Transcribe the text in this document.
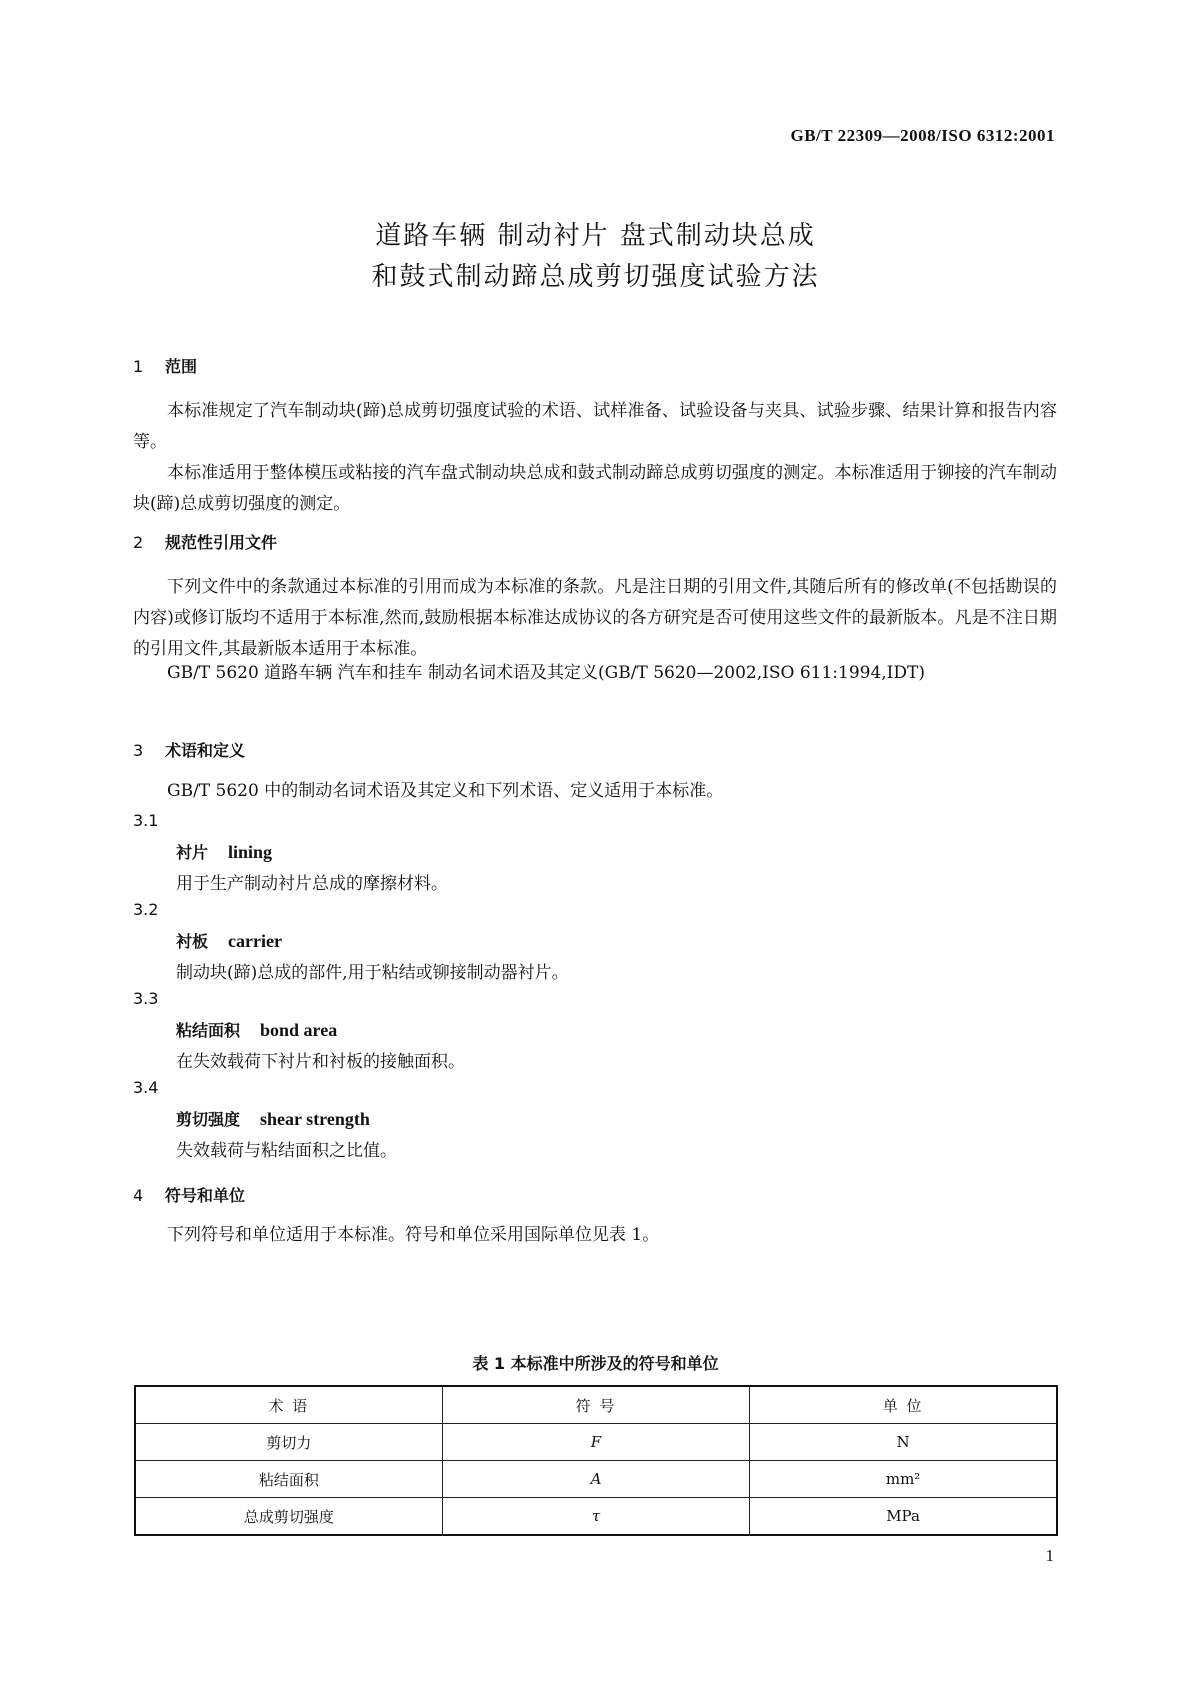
GB/T 22309—2008/ISO 6312:2001
道路车辆 制动衬片 盘式制动块总成
和鼓式制动蹄总成剪切强度试验方法
1 范围
本标准规定了汽车制动块(蹄)总成剪切强度试验的术语、试样准备、试验设备与夹具、试验步骤、结果计算和报告内容等。
本标准适用于整体模压或粘接的汽车盘式制动块总成和鼓式制动蹄总成剪切强度的测定。本标准适用于铆接的汽车制动块(蹄)总成剪切强度的测定。
2 规范性引用文件
下列文件中的条款通过本标准的引用而成为本标准的条款。凡是注日期的引用文件,其随后所有的修改单(不包括勘误的内容)或修订版均不适用于本标准,然而,鼓励根据本标准达成协议的各方研究是否可使用这些文件的最新版本。凡是不注日期的引用文件,其最新版本适用于本标准。
GB/T 5620 道路车辆 汽车和挂车 制动名词术语及其定义(GB/T 5620—2002,ISO 611:1994,IDT)
3 术语和定义
GB/T 5620 中的制动名词术语及其定义和下列术语、定义适用于本标准。
3.1
衬片 lining
用于生产制动衬片总成的摩擦材料。
3.2
衬板 carrier
制动块(蹄)总成的部件,用于粘结或铆接制动器衬片。
3.3
粘结面积 bond area
在失效载荷下衬片和衬板的接触面积。
3.4
剪切强度 shear strength
失效载荷与粘结面积之比值。
4 符号和单位
下列符号和单位适用于本标准。符号和单位采用国际单位见表 1。
表 1 本标准中所涉及的符号和单位
术 语	符 号	单 位
剪切力	F	N
粘结面积	A	mm²
总成剪切强度	τ	MPa
1
